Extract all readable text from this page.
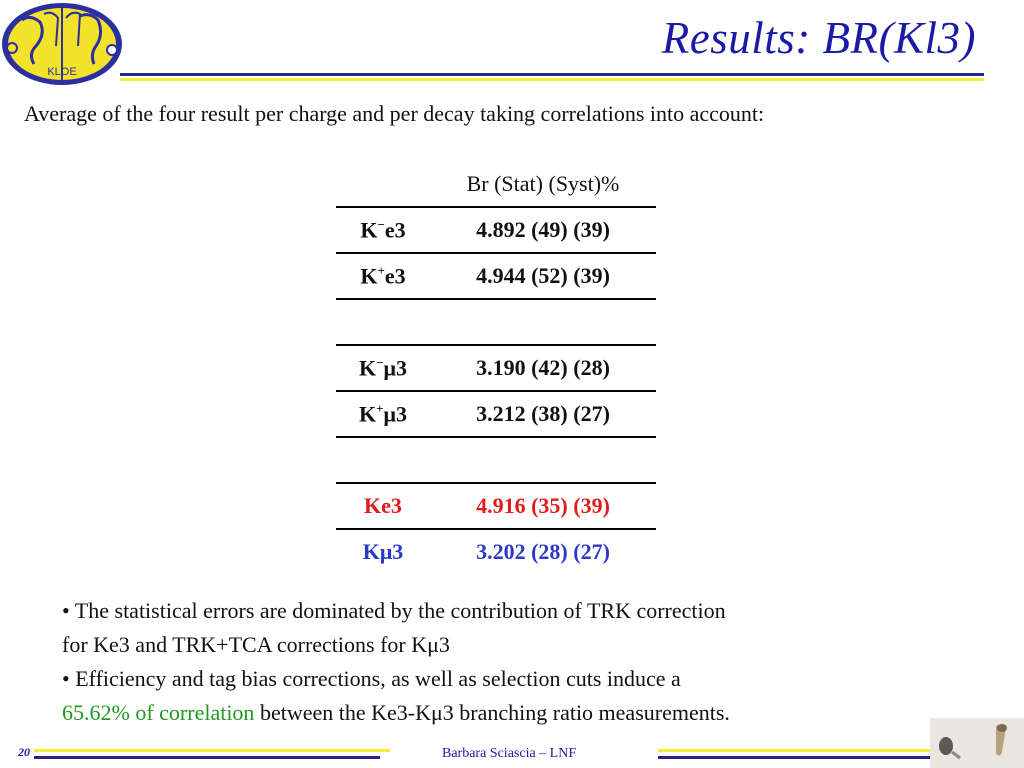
KLOE
Results: BR(Kl3)
Average of the four result per charge and per decay taking correlations into account:
	Br (Stat) (Syst)%
K−e3	4.892 (49) (39)
K+e3	4.944 (52) (39)

K−μ3	3.190 (42) (28)
K+μ3	3.212 (38) (27)

Ke3	4.916 (35) (39)
Kμ3	3.202 (28) (27)
• The statistical errors are dominated by the contribution of TRK correction
for Ke3 and TRK+TCA corrections for Kμ3
• Efficiency and tag bias corrections, as well as selection cuts induce a
65.62% of correlation between the Ke3-Kμ3 branching ratio measurements.
20	Barbara Sciascia – LNF
